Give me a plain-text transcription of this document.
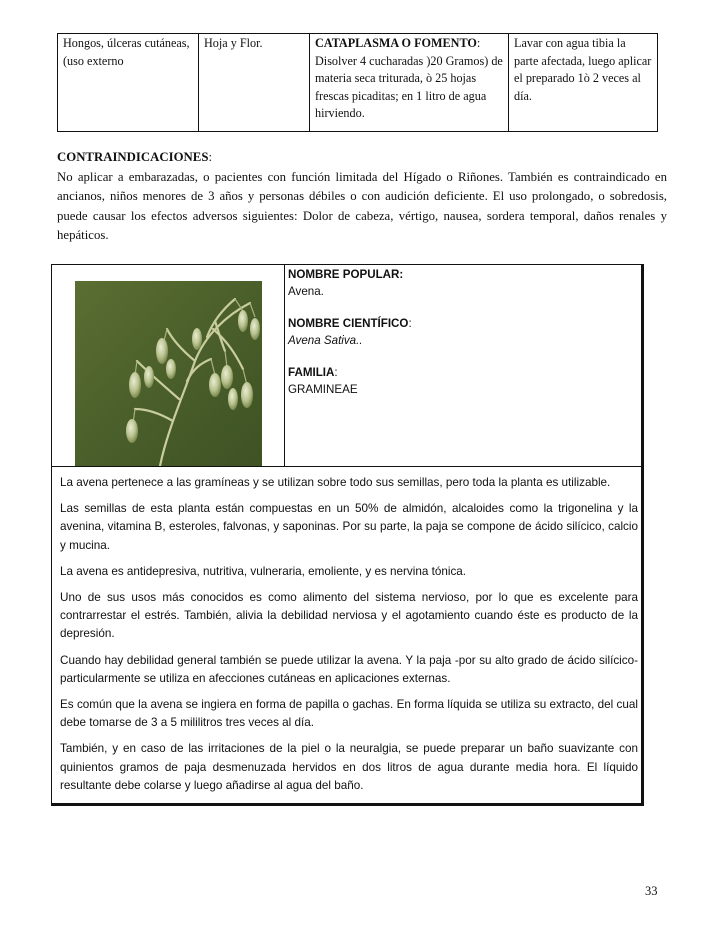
Hongos, úlceras cutáneas, (uso externo	Hoja y Flor.	CATAPLASMA O FOMENTO: Disolver 4 cucharadas )20 Gramos) de materia seca triturada, ò 25 hojas frescas picaditas; en 1 litro de agua hirviendo.	Lavar con agua tibia la parte afectada, luego aplicar el preparado 1ò 2 veces al día.
CONTRAINDICACIONES:
No aplicar a embarazadas, o pacientes con función limitada del Hígado o Riñones. También es contraindicado en ancianos, niños menores de 3 años y personas débiles o con audición deficiente. El uso prolongado, o sobredosis, puede causar los efectos adversos siguientes: Dolor de cabeza, vértigo, nausea, sordera temporal, daños renales y hepáticos.
NOMBRE POPULAR:
Avena.
NOMBRE CIENTÍFICO:
Avena Sativa..
FAMILIA:
GRAMINEAE

La avena pertenece a las gramíneas y se utilizan sobre todo sus semillas, pero toda la planta es utilizable.

Las semillas de esta planta están compuestas en un 50% de almidón, alcaloides como la trigonelina y la avenina, vitamina B, esteroles, falvonas, y saponinas. Por su parte, la paja se compone de ácido silícico, calcio y mucina.

La avena es antidepresiva, nutritiva, vulneraria, emoliente, y es nervina tónica.

Uno de sus usos más conocidos es como alimento del sistema nervioso, por lo que es excelente para contrarrestar el estrés. También, alivia la debilidad nerviosa y el agotamiento cuando éste es producto de la depresión.

Cuando hay debilidad general también se puede utilizar la avena. Y la paja -por su alto grado de ácido silícico-particularmente se utiliza en afecciones cutáneas en aplicaciones externas.

Es común que la avena se ingiera en forma de papilla o gachas. En forma líquida se utiliza su extracto, del cual debe tomarse de 3 a 5 mililitros tres veces al día.

También, y en caso de las irritaciones de la piel o la neuralgia, se puede preparar un baño suavizante con quinientos gramos de paja desmenuzada hervidos en dos litros de agua durante media hora. El líquido resultante debe colarse y luego añadirse al agua del baño.

33
